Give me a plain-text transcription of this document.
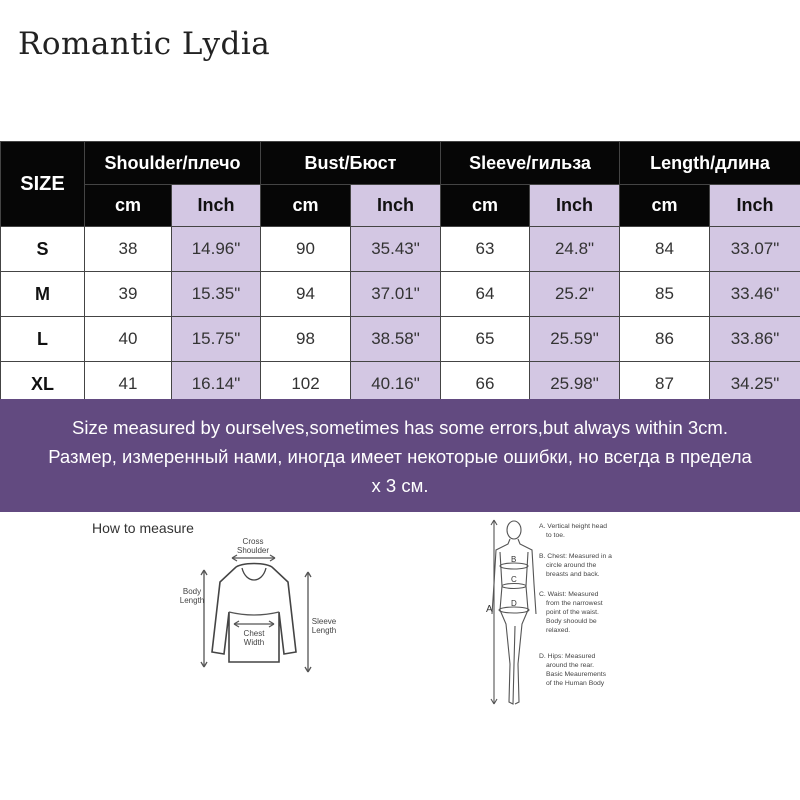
Romantic Lydia
SIZE	Shoulder/плечо		Bust/Бюст		Sleeve/гильза		Length/длина	
	cm	Inch	cm	Inch	cm	Inch	cm	Inch
S	38	14.96"	90	35.43"	63	24.8"	84	33.07"
M	39	15.35"	94	37.01"	64	25.2"	85	33.46"
L	40	15.75"	98	38.58"	65	25.59"	86	33.86"
XL	41	16.14"	102	40.16"	66	25.98"	87	34.25"
Size measured by ourselves,sometimes has some errors,but always within 3cm.
Размер, измеренный нами, иногда имеет некоторые ошибки, но всегда в предела
х 3 см.
How to measure
Cross
Shoulder
Body
Length
Chest
Width
Sleeve
Length
A
B
C
D
A. Vertical height head
to toe.
B. Chest: Measured in a
circle around the
breasts and back.
C. Waist: Measured
from the narrowest
point of the waist.
Body shoould be
relaxed.
D. Hips: Measured
around the rear.
Basic Meaurements
of the Human Body
